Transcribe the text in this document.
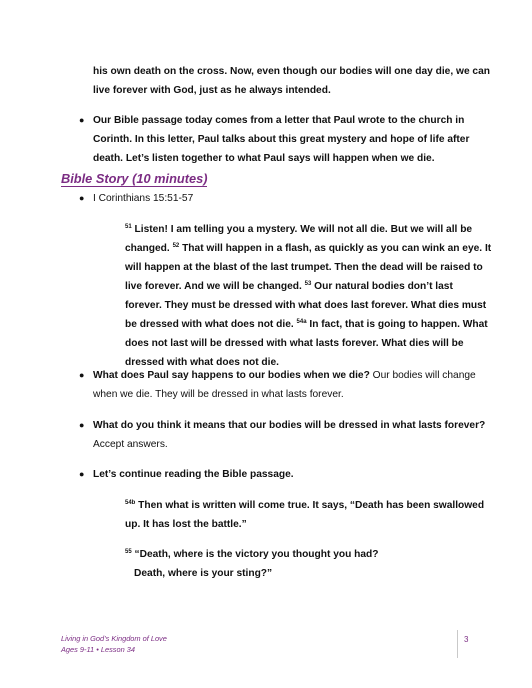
his own death on the cross. Now, even though our bodies will one day die, we can
live forever with God, just as he always intended.
● Our Bible passage today comes from a letter that Paul wrote to the church in
Corinth. In this letter, Paul talks about this great mystery and hope of life after
death. Let’s listen together to what Paul says will happen when we die.
Bible Story (10 minutes)
● I Corinthians 15:51-57
$^{51}$ Listen! I am telling you a mystery. We will not all die. But we will all be
changed. $^{52}$ That will happen in a flash, as quickly as you can wink an eye. It
will happen at the blast of the last trumpet. Then the dead will be raised to
live forever. And we will be changed. $^{53}$ Our natural bodies don’t last
forever. They must be dressed with what does last forever. What dies must
be dressed with what does not die. $^{54a}$ In fact, that is going to happen. What
does not last will be dressed with what lasts forever. What dies will be
dressed with what does not die.
● What does Paul say happens to our bodies when we die? Our bodies will change
when we die. They will be dressed in what lasts forever.
● What do you think it means that our bodies will be dressed in what lasts forever?
Accept answers.
● Let’s continue reading the Bible passage.
$^{54b}$ Then what is written will come true. It says, “Death has been swallowed
up. It has lost the battle.”
$^{55}$ “Death, where is the victory you thought you had?
Death, where is your sting?”
Living in God’s Kingdom of Love
Ages 9-11 • Lesson 34
3
